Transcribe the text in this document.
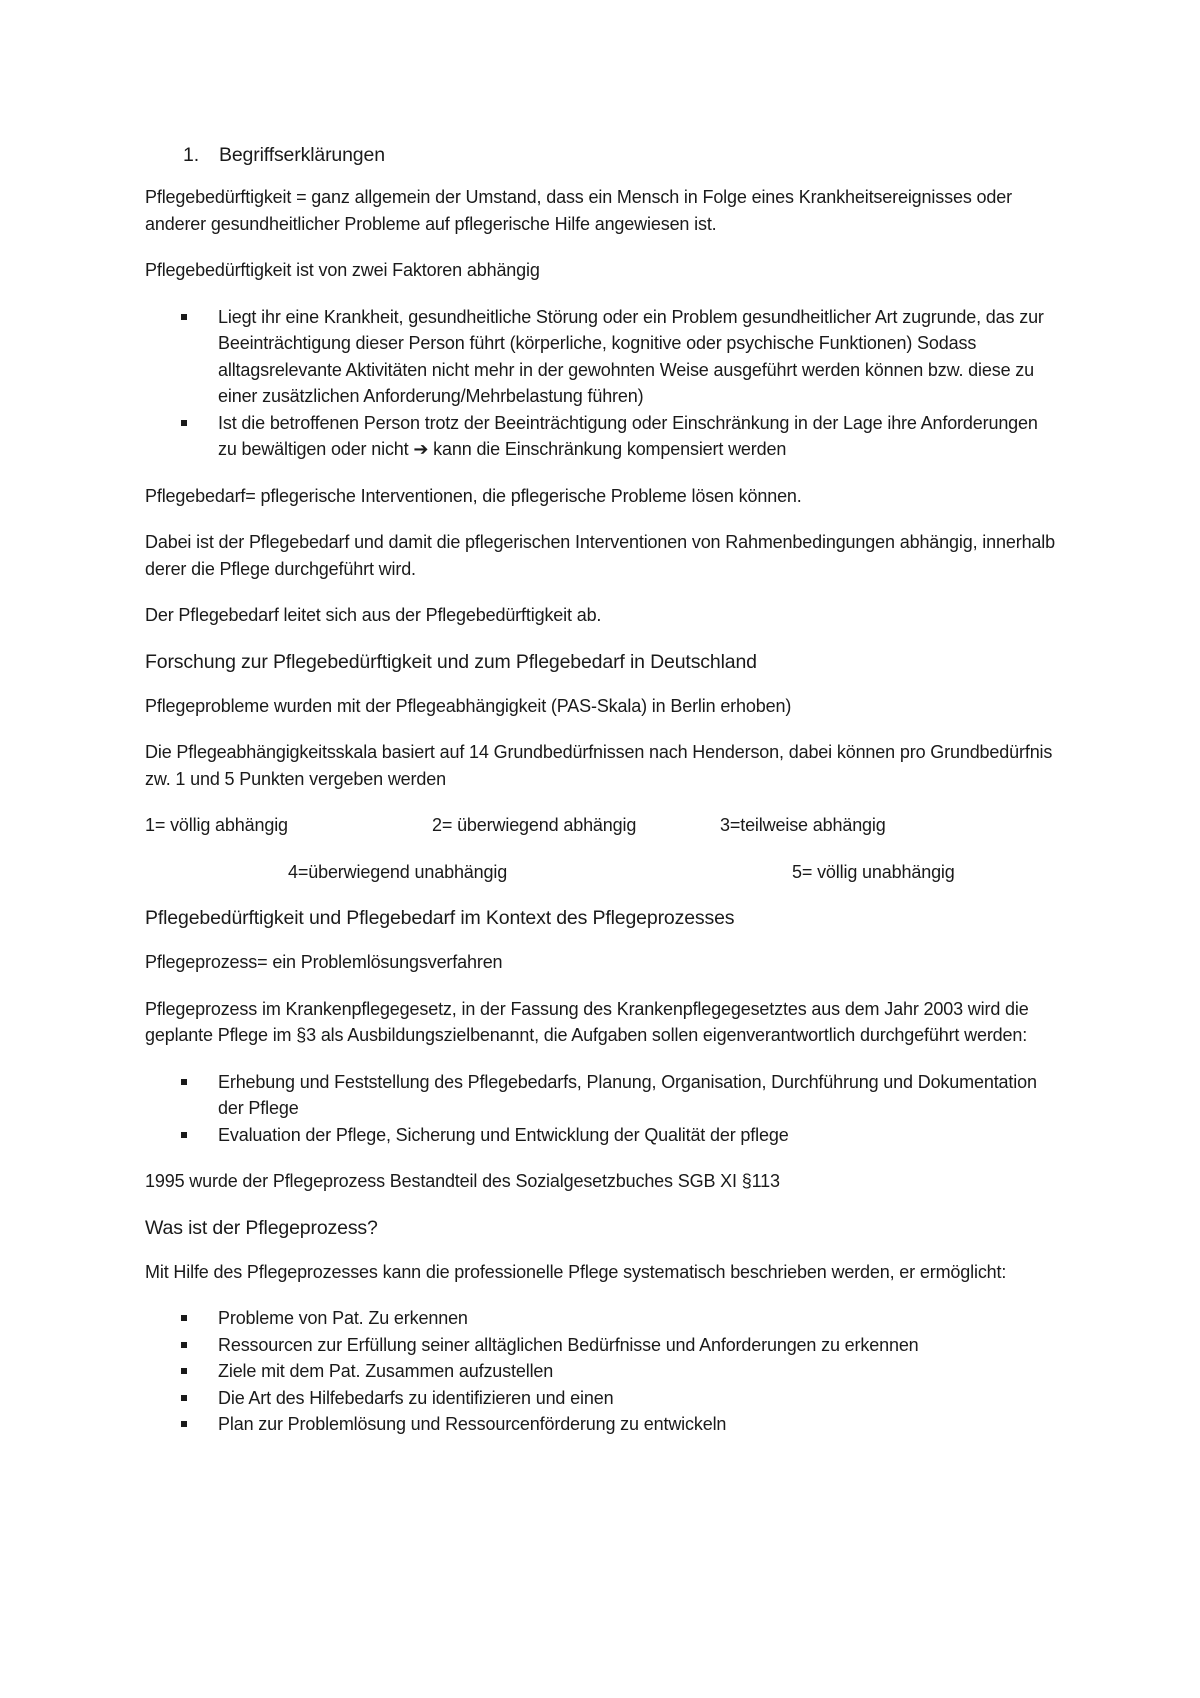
1.	Begriffserklärungen

Pflegebedürftigkeit = ganz allgemein der Umstand, dass ein Mensch in Folge eines Krankheitsereignisses oder anderer gesundheitlicher Probleme auf pflegerische Hilfe angewiesen ist.

Pflegebedürftigkeit ist von zwei Faktoren abhängig

Liegt ihr eine Krankheit, gesundheitliche Störung oder ein Problem gesundheitlicher Art zugrunde, das zur Beeinträchtigung dieser Person führt (körperliche, kognitive oder psychische Funktionen) Sodass alltagsrelevante Aktivitäten nicht mehr in der gewohnten Weise ausgeführt werden können bzw. diese zu einer zusätzlichen Anforderung/Mehrbelastung führen)
Ist die betroffenen Person trotz der Beeinträchtigung oder Einschränkung in der Lage ihre Anforderungen zu bewältigen oder nicht ➔ kann die Einschränkung kompensiert werden

Pflegebedarf= pflegerische Interventionen, die pflegerische Probleme lösen können.

Dabei ist der Pflegebedarf und damit die pflegerischen Interventionen von Rahmenbedingungen abhängig, innerhalb derer die Pflege durchgeführt wird.

Der Pflegebedarf leitet sich aus der Pflegebedürftigkeit ab.

Forschung zur Pflegebedürftigkeit und zum Pflegebedarf in Deutschland

Pflegeprobleme wurden mit der Pflegeabhängigkeit (PAS-Skala) in Berlin erhoben)

Die Pflegeabhängigkeitsskala basiert auf 14 Grundbedürfnissen nach Henderson, dabei können pro Grundbedürfnis zw. 1 und 5 Punkten vergeben werden

1= völlig abhängig	2= überwiegend abhängig	3=teilweise abhängig
4=überwiegend unabhängig	5= völlig unabhängig
Pflegebedürftigkeit und Pflegebedarf im Kontext des Pflegeprozesses

Pflegeprozess= ein Problemlösungsverfahren

Pflegeprozess im Krankenpflegegesetz, in der Fassung des Krankenpflegegesetztes aus dem Jahr 2003 wird die geplante Pflege im §3 als Ausbildungszielbenannt, die Aufgaben sollen eigenverantwortlich durchgeführt werden:

Erhebung und Feststellung des Pflegebedarfs, Planung, Organisation, Durchführung und Dokumentation der Pflege
Evaluation der Pflege, Sicherung und Entwicklung der Qualität der pflege

1995 wurde der Pflegeprozess Bestandteil des Sozialgesetzbuches SGB XI §113

Was ist der Pflegeprozess?

Mit Hilfe des Pflegeprozesses kann die professionelle Pflege systematisch beschrieben werden, er ermöglicht:

Probleme von Pat. Zu erkennen
Ressourcen zur Erfüllung seiner alltäglichen Bedürfnisse und Anforderungen zu erkennen
Ziele mit dem Pat. Zusammen aufzustellen
Die Art des Hilfebedarfs zu identifizieren und einen
Plan zur Problemlösung und Ressourcenförderung zu entwickeln
